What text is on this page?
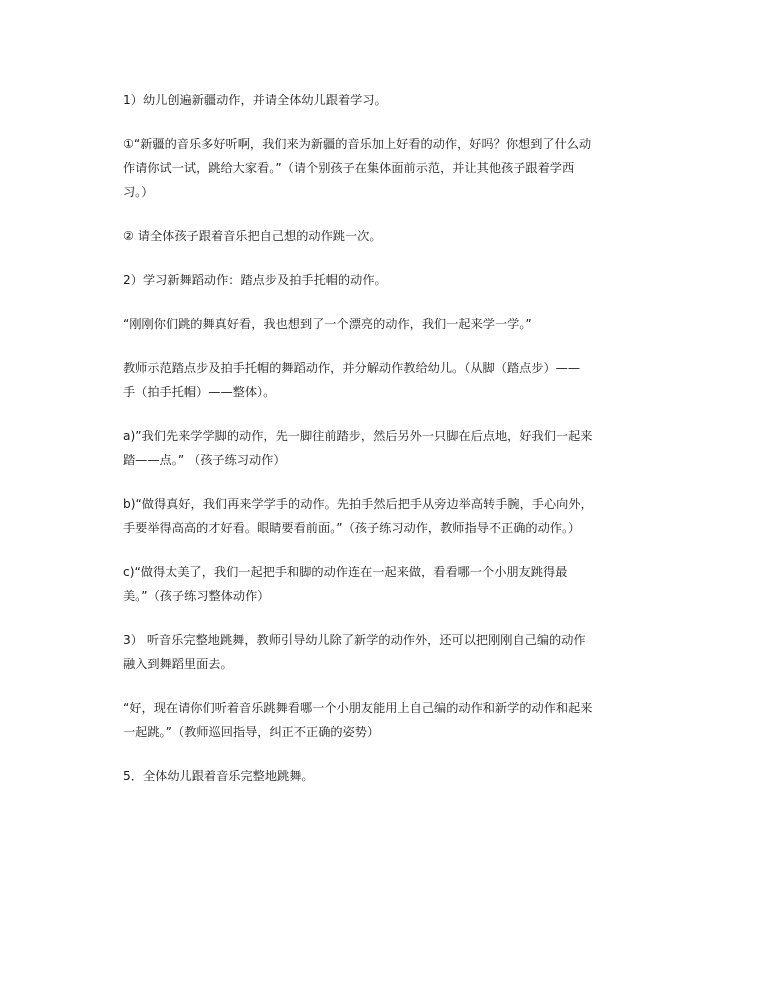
1）幼儿创遍新疆动作，并请全体幼儿跟着学习。

①“新疆的音乐多好听啊，我们来为新疆的音乐加上好看的动作，好吗？你想到了什么动
作请你试一试，跳给大家看。”（请个别孩子在集体面前示范，并让其他孩子跟着学西
习。）

② 请全体孩子跟着音乐把自己想的动作跳一次。

2）学习新舞蹈动作：踏点步及拍手托帽的动作。

“刚刚你们跳的舞真好看，我也想到了一个漂亮的动作，我们一起来学一学。”

教师示范踏点步及拍手托帽的舞蹈动作，并分解动作教给幼儿。（从脚（踏点步）——
手（拍手托帽）——整体）。

a)”我们先来学学脚的动作，先一脚往前踏步，然后另外一只脚在后点地，好我们一起来
踏——点。” （孩子练习动作）

b)“做得真好，我们再来学学手的动作。先拍手然后把手从旁边举高转手腕，手心向外，
手要举得高高的才好看。眼睛要看前面。”（孩子练习动作，教师指导不正确的动作。）

c)“做得太美了，我们一起把手和脚的动作连在一起来做，看看哪一个小朋友跳得最
美。”（孩子练习整体动作）

3） 听音乐完整地跳舞，教师引导幼儿除了新学的动作外，还可以把刚刚自己编的动作
融入到舞蹈里面去。

“好，现在请你们听着音乐跳舞看哪一个小朋友能用上自己编的动作和新学的动作和起来
一起跳。”（教师巡回指导，纠正不正确的姿势）

5．全体幼儿跟着音乐完整地跳舞。
